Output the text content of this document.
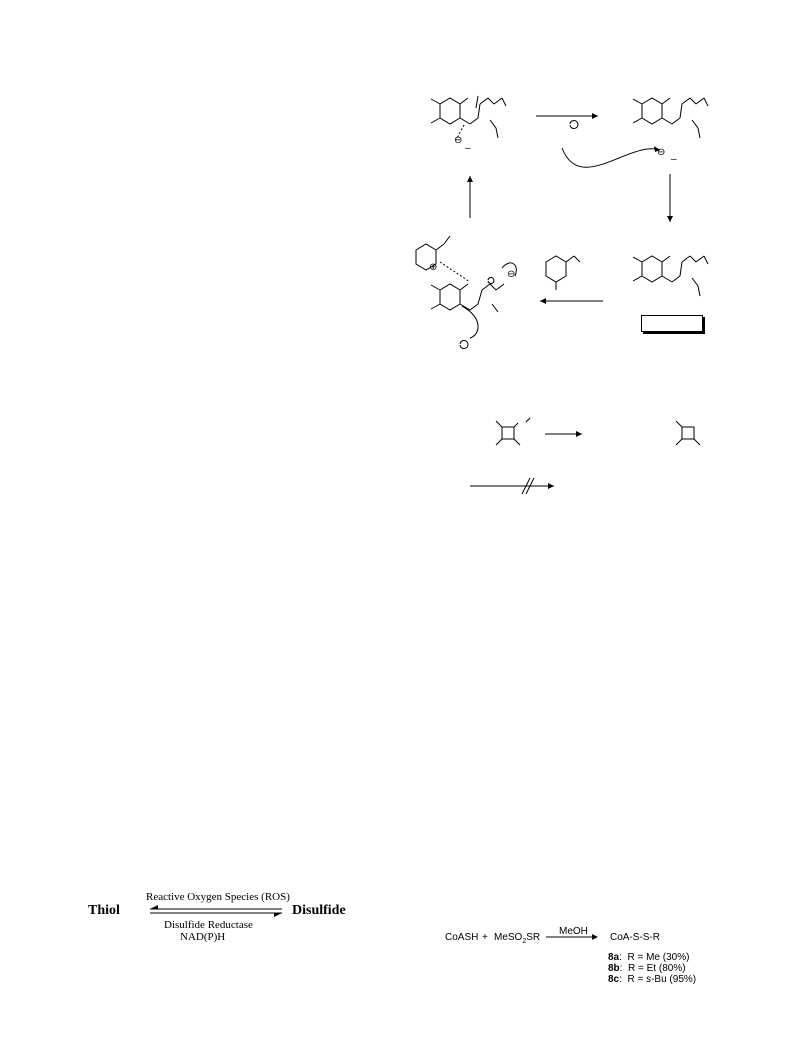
⊖
–	⊖
–
⊖
⊕
Thiol	Disulfide
Reactive Oxygen Species (ROS)
Disulfide Reductase
NAD(P)H	CoASH + MeSO$_2$SR
MeOH
CoA-S-S-R
8a: R = Me (30%)
8b: R = Et (80%)
8c: R = s-Bu (95%)
